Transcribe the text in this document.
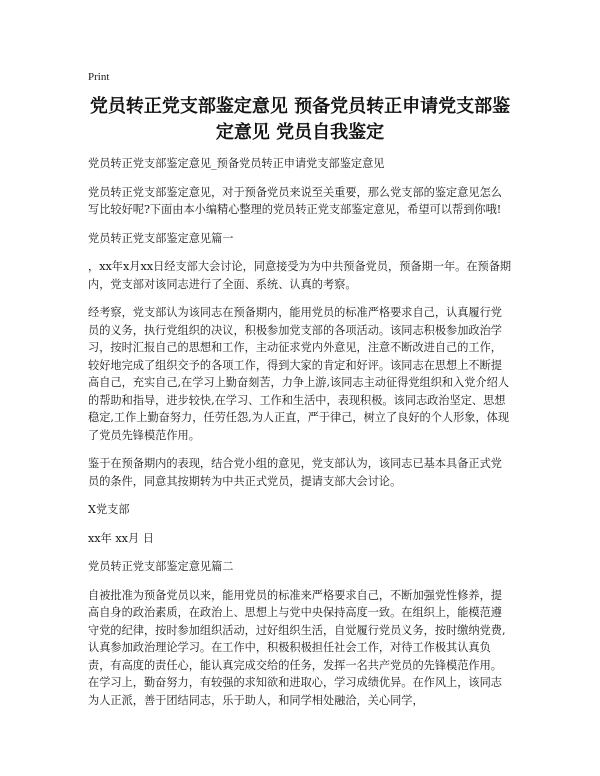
Print
党员转正党支部鉴定意见 预备党员转正申请党支部鉴定意见 党员自我鉴定

党员转正党支部鉴定意见_预备党员转正申请党支部鉴定意见

党员转正党支部鉴定意见，对于预备党员来说至关重要，那么党支部的鉴定意见怎么写比较好呢?下面由本小编精心整理的党员转正党支部鉴定意见，希望可以帮到你哦!

党员转正党支部鉴定意见篇一

，xx年x月xx日经支部大会讨论，同意接受为为中共预备党员，预备期一年。在预备期内，党支部对该同志进行了全面、系统、认真的考察。

经考察，党支部认为该同志在预备期内，能用党员的标准严格要求自己，认真履行党员的义务，执行党组织的决议，积极参加党支部的各项活动。该同志积极参加政治学习，按时汇报自己的思想和工作，主动征求党内外意见，注意不断改进自己的工作，较好地完成了组织交予的各项工作，得到大家的肯定和好评。该同志在思想上不断提高自己，充实自己,在学习上勤奋刻苦，力争上游,该同志主动征得党组织和入党介绍人的帮助和指导，进步较快,在学习、工作和生活中，表现积极。该同志政治坚定、思想稳定,工作上勤奋努力，任劳任怨,为人正直，严于律己，树立了良好的个人形象，体现了党员先锋模范作用。

鉴于在预备期内的表现，结合党小组的意见，党支部认为，该同志已基本具备正式党员的条件，同意其按期转为中共正式党员，提请支部大会讨论。

X党支部

xx年 xx月 日

党员转正党支部鉴定意见篇二

自被批准为预备党员以来，能用党员的标准来严格要求自己，不断加强党性修养，提高自身的政治素质，在政治上、思想上与党中央保持高度一致。在组织上，能模范遵守党的纪律，按时参加组织活动，过好组织生活，自觉履行党员义务，按时缴纳党费,认真参加政治理论学习。在工作中，积极积极担任社会工作，对待工作极其认真负责，有高度的责任心，能认真完成交给的任务，发挥一名共产党员的先锋模范作用。在学习上，勤奋努力，有较强的求知欲和进取心，学习成绩优异。在作风上，该同志为人正派，善于团结同志，乐于助人，和同学相处融洽，关心同学，
